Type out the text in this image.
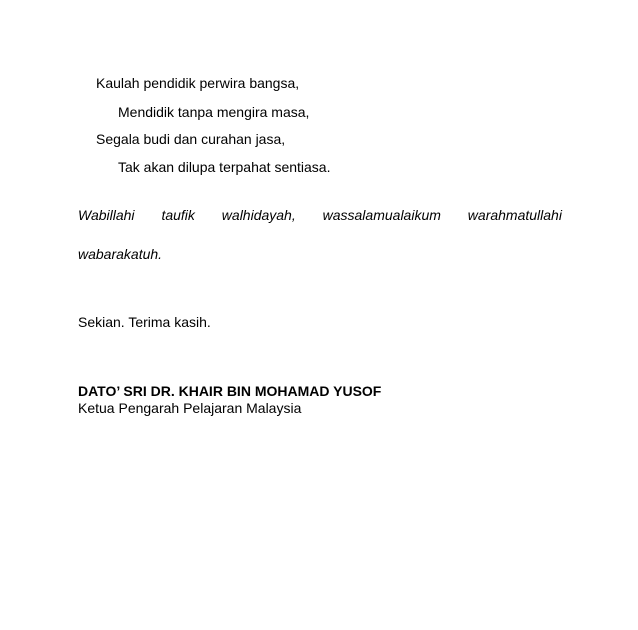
Kaulah pendidik perwira bangsa,
Mendidik tanpa mengira masa,
Segala budi dan curahan jasa,
Tak akan dilupa terpahat sentiasa.
Wabillahi taufik walhidayah, wassalamualaikum warahmatullahi
wabarakatuh.
Sekian. Terima kasih.
DATO’ SRI DR. KHAIR BIN MOHAMAD YUSOF
Ketua Pengarah Pelajaran Malaysia
